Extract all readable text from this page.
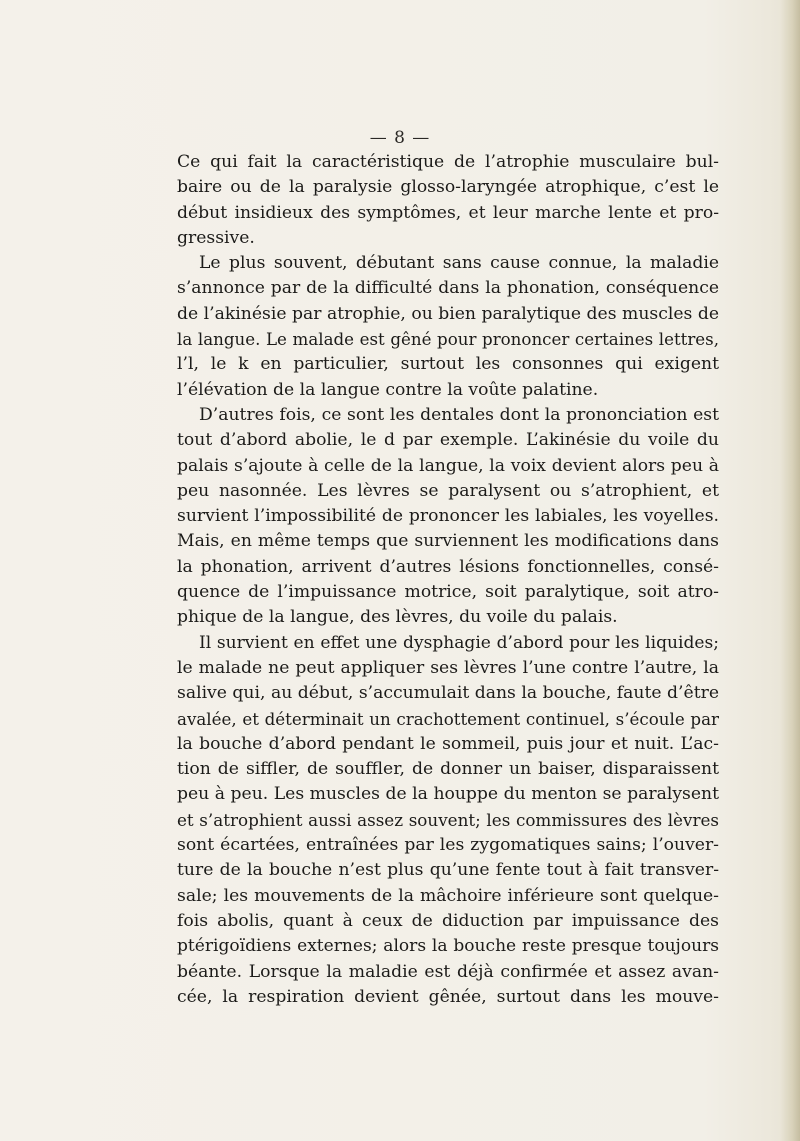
— 8 —

Ce qui fait la caractéristique de l’atrophie musculaire bul-
baire ou de la paralysie glosso-laryngée atrophique, c’est le
début insidieux des symptômes, et leur marche lente et pro-
gressive.

Le plus souvent, débutant sans cause connue, la maladie
s’annonce par de la difficulté dans la phonation, conséquence
de l’akinésie par atrophie, ou bien paralytique des muscles de
la langue. Le malade est gêné pour prononcer certaines lettres,
l’l, le k en particulier, surtout les consonnes qui exigent
l’élévation de la langue contre la voûte palatine.

D’autres fois, ce sont les dentales dont la prononciation est
tout d’abord abolie, le d par exemple. L’akinésie du voile du
palais s’ajoute à celle de la langue, la voix devient alors peu à
peu nasonnée. Les lèvres se paralysent ou s’atrophient, et
survient l’impossibilité de prononcer les labiales, les voyelles.
Mais, en même temps que surviennent les modifications dans
la phonation, arrivent d’autres lésions fonctionnelles, consé-
quence de l’impuissance motrice, soit paralytique, soit atro-
phique de la langue, des lèvres, du voile du palais.

Il survient en effet une dysphagie d’abord pour les liquides;
le malade ne peut appliquer ses lèvres l’une contre l’autre, la
salive qui, au début, s’accumulait dans la bouche, faute d’être
avalée, et déterminait un crachottement continuel, s’écoule par
la bouche d’abord pendant le sommeil, puis jour et nuit. L’ac-
tion de siffler, de souffler, de donner un baiser, disparaissent
peu à peu. Les muscles de la houppe du menton se paralysent
et s’atrophient aussi assez souvent; les commissures des lèvres
sont écartées, entraînées par les zygomatiques sains; l’ouver-
ture de la bouche n’est plus qu’une fente tout à fait transver-
sale; les mouvements de la mâchoire inférieure sont quelque-
fois abolis, quant à ceux de diduction par impuissance des
ptérigoïdiens externes; alors la bouche reste presque toujours
béante. Lorsque la maladie est déjà confirmée et assez avan-
cée, la respiration devient gênée, surtout dans les mouve-
